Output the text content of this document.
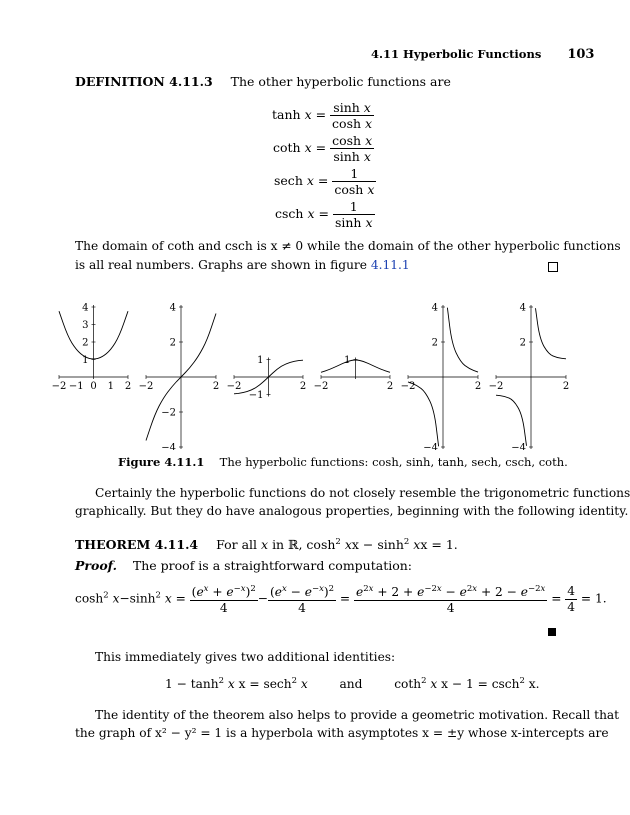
4.11 Hyperbolic Functions 103
DEFINITION 4.11.3 The other hyperbolic functions are
$\tanh x = \frac{\text{sinh x}}{\text{cosh x}}$
coth $x = \frac{\text{cosh x}}{\text{sinh x}}$
sech $x = \frac{1}{\text{cosh x}}$
csch $x = \frac{1}{\text{sinh x}}$
The domain of coth and csch is x ≠ 0 while the domain of the other hyperbolic functions
is all real numbers. Graphs are shown in figure 4.11.1
−2 −1 0 1 2
1
2
3
4
−2	2
4
2
−2
−4
−2	2
1
−1
−2	2
1
−2	2
4
2
−4
−2	2
4
2
−4
Figure 4.11.1 The hyperbolic functions: cosh, sinh, tanh, sech, csch, coth.
Certainly the hyperbolic functions do not closely resemble the trigonometric functions
graphically. But they do have analogous properties, beginning with the following identity.
THEOREM 4.11.4 For all x in ℝ, $\cosh^2$ xx − $\sinh^2$ xx = 1.
Proof. The proof is a straightforward computation:
$\cosh^2 x-\sinh^2$ $x = \frac{(e^x + e^{-x})^2}{4} - \frac{(e^x - e^{-x})^2}{4} = \frac{e^{2x} + 2 + e^{-2x} - e^{2x} + 2 - e^{-2x}}{4} = \frac{4}{4} = 1$.
This immediately gives two additional identities:
$1 - \tanh^2 x$ x = sech$^2$ x	and	coth$^2$ x x − 1 = csch$^2$ x.
The identity of the theorem also helps to provide a geometric motivation. Recall that
the graph of x² − y² = 1 is a hyperbola with asymptotes x = ±y whose x-intercepts are
